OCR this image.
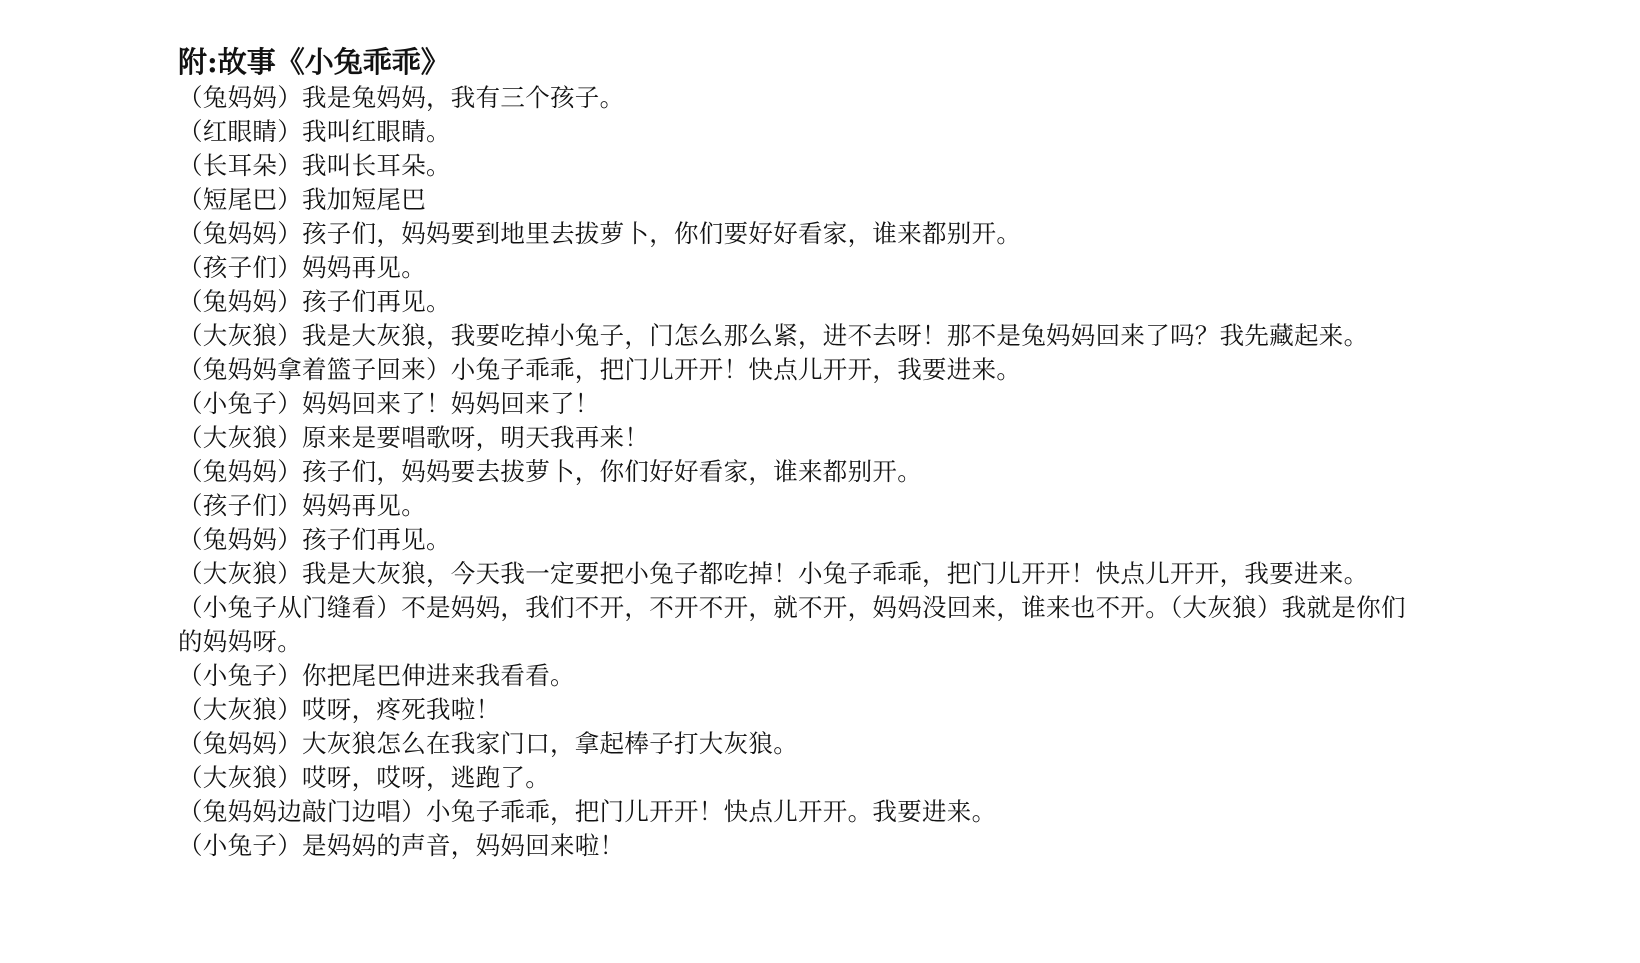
附:故事《小兔乖乖》

（兔妈妈）我是兔妈妈，我有三个孩子。

（红眼睛）我叫红眼睛。

（长耳朵）我叫长耳朵。

（短尾巴）我加短尾巴

（兔妈妈）孩子们，妈妈要到地里去拔萝卜，你们要好好看家，谁来都别开。

（孩子们）妈妈再见。

（兔妈妈）孩子们再见。

（大灰狼）我是大灰狼，我要吃掉小兔子，门怎么那么紧，进不去呀！那不是兔妈妈回来了吗？我先藏起来。

（兔妈妈拿着篮子回来）小兔子乖乖，把门儿开开！快点儿开开，我要进来。

（小兔子）妈妈回来了！妈妈回来了！

（大灰狼）原来是要唱歌呀，明天我再来！

（兔妈妈）孩子们，妈妈要去拔萝卜，你们好好看家，谁来都别开。

（孩子们）妈妈再见。

（兔妈妈）孩子们再见。

（大灰狼）我是大灰狼，今天我一定要把小兔子都吃掉！小兔子乖乖，把门儿开开！快点儿开开，我要进来。

（小兔子从门缝看）不是妈妈，我们不开，不开不开，就不开，妈妈没回来，谁来也不开。（大灰狼）我就是你们的妈妈呀。

（小兔子）你把尾巴伸进来我看看。

（大灰狼）哎呀，疼死我啦！

（兔妈妈）大灰狼怎么在我家门口，拿起棒子打大灰狼。

（大灰狼）哎呀，哎呀，逃跑了。

（兔妈妈边敲门边唱）小兔子乖乖，把门儿开开！快点儿开开。我要进来。

（小兔子）是妈妈的声音，妈妈回来啦！
